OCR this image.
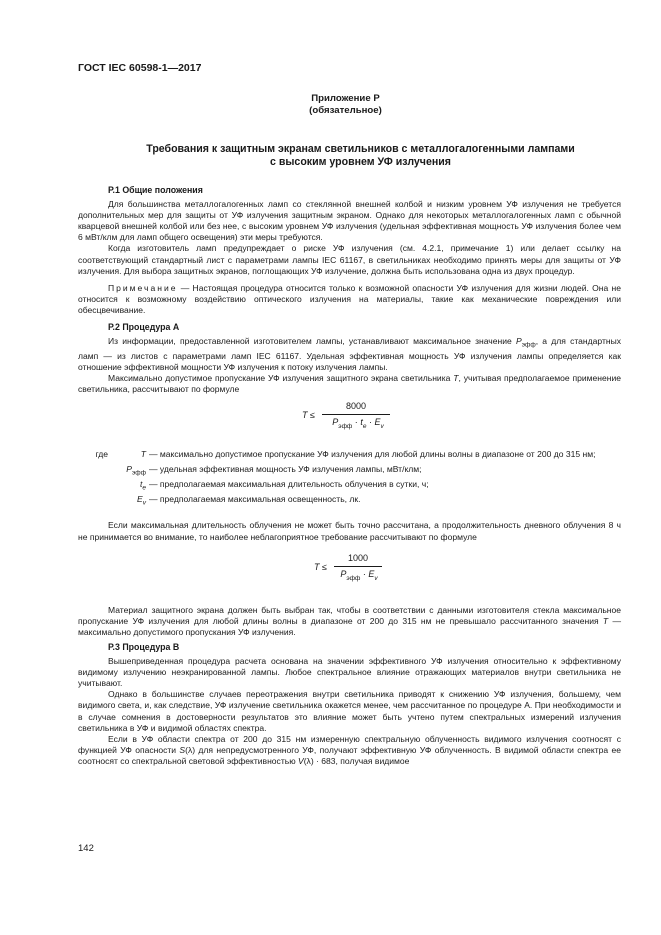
ГОСТ IEC 60598-1—2017
Приложение Р
(обязательное)
Требования к защитным экранам светильников с металлогалогенными лампами
с высоким уровнем УФ излучения
Р.1 Общие положения

Для большинства металлогалогенных ламп со стеклянной внешней колбой и низким уровнем УФ излучения не требуется дополнительных мер для защиты от УФ излучения защитным экраном. Однако для некоторых металлогалогенных ламп с обычной кварцевой внешней колбой или без нее, с высоким уровнем УФ излучения (удельная эффективная мощность УФ излучения более чем 6 мВт/клм для ламп общего освещения) эти меры требуются.

Когда изготовитель ламп предупреждает о риске УФ излучения (см. 4.2.1, примечание 1) или делает ссылку на соответствующий стандартный лист с параметрами лампы IEC 61167, в светильниках необходимо принять меры для защиты от УФ излучения. Для выбора защитных экранов, поглощающих УФ излучение, должна быть использована одна из двух процедур.

Примечание — Настоящая процедура относится только к возможной опасности УФ излучения для жизни людей. Она не относится к возможному воздействию оптического излучения на материалы, такие как механические повреждения или обесцвечивание.

Р.2 Процедура А

Из информации, предоставленной изготовителем лампы, устанавливают максимальное значение $P_{эфф}$, а для стандартных ламп — из листов с параметрами ламп IEC 61167. Удельная эффективная мощность УФ излучения лампы определяется как отношение эффективной мощности УФ излучения к потоку излучения лампы.

Максимально допустимое пропускание УФ излучения защитного экрана светильника T, учитывая предполагаемое применение светильника, рассчитывают по формуле

T ≤
8000
$P_{эфф} \cdot t_e \cdot E_v$
где	T — максимально допустимое пропускание УФ излучения для любой длины волны в диапазоне от 200 до 315 нм;
$P_{эфф}$ — удельная эффективная мощность УФ излучения лампы, мВт/клм;
$t_e$ — предполагаемая максимальная длительность облучения в сутки, ч;
$E_v$ — предполагаемая максимальная освещенность, лк.

Если максимальная длительность облучения не может быть точно рассчитана, а продолжительность дневного облучения 8 ч не принимается во внимание, то наиболее неблагоприятное требование рассчитывают по формуле

T ≤
1000
$P_{эфф} \cdot E_v$

Материал защитного экрана должен быть выбран так, чтобы в соответствии с данными изготовителя стекла максимальное пропускание УФ излучения для любой длины волны в диапазоне от 200 до 315 нм не превышало рассчитанного значения T — максимально допустимого пропускания УФ излучения.

Р.3 Процедура В

Вышеприведенная процедура расчета основана на значении эффективного УФ излучения относительно к эффективному видимому излучению неэкранированной лампы. Любое спектральное влияние отражающих материалов внутри светильника не учитывают.

Однако в большинстве случаев переотражения внутри светильника приводят к снижению УФ излучения, большему, чем видимого света, и, как следствие, УФ излучение светильника окажется менее, чем рассчитанное по процедуре А. При необходимости и в случае сомнения в достоверности результатов это влияние может быть учтено путем спектральных измерений излучения светильника в УФ и видимой областях спектра.

Если в УФ области спектра от 200 до 315 нм измеренную спектральную облученность видимого излучения соотносят с функцией УФ опасности S(λ) для непредусмотренного УФ, получают эффективную УФ облученность. В видимой области спектра ее соотносят со спектральной световой эффективностью V(λ) · 683, получая видимое

142
